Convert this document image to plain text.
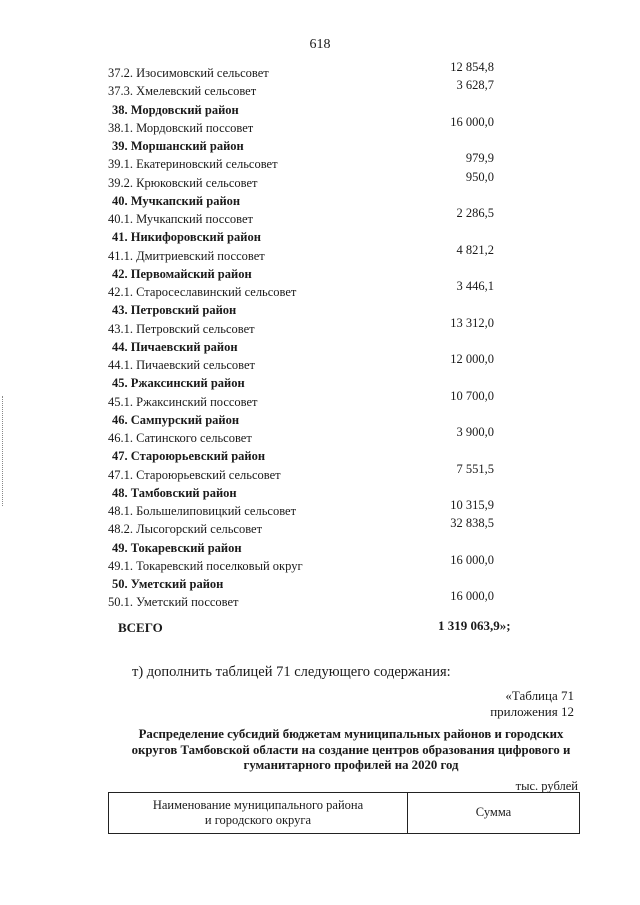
618
37.2. Изосимовский сельсовет	12 854,8
37.3. Хмелевский сельсовет	3 628,7
38. Мордовский район
38.1. Мордовский поссовет	16 000,0
39. Моршанский район
39.1. Екатериновский сельсовет	979,9
39.2. Крюковский сельсовет	950,0
40. Мучкапский район
40.1. Мучкапский поссовет	2 286,5
41. Никифоровский район
41.1. Дмитриевский поссовет	4 821,2
42. Первомайский район
42.1. Старосеславинский сельсовет	3 446,1
43. Петровский район
43.1. Петровский сельсовет	13 312,0
44. Пичаевский район
44.1. Пичаевский сельсовет	12 000,0
45. Ржаксинский район
45.1. Ржаксинский поссовет	10 700,0
46. Сампурский район
46.1. Сатинского сельсовет	3 900,0
47. Староюрьевский район
47.1. Староюрьевский сельсовет	7 551,5
48. Тамбовский район
48.1. Большелиповицкий сельсовет	10 315,9
48.2. Лысогорский сельсовет	32 838,5
49. Токаревский район
49.1. Токаревский поселковый округ	16 000,0
50. Уметский район
50.1. Уметский поссовет	16 000,0
ВСЕГО	1 319 063,9»;
т) дополнить таблицей 71 следующего содержания:
«Таблица 71
приложения 12
Распределение субсидий бюджетам муниципальных районов и городских
округов Тамбовской области на создание центров образования цифрового и
гуманитарного профилей на 2020 год
тыс. рублей
Наименование муниципального района
и городского округа
Сумма
